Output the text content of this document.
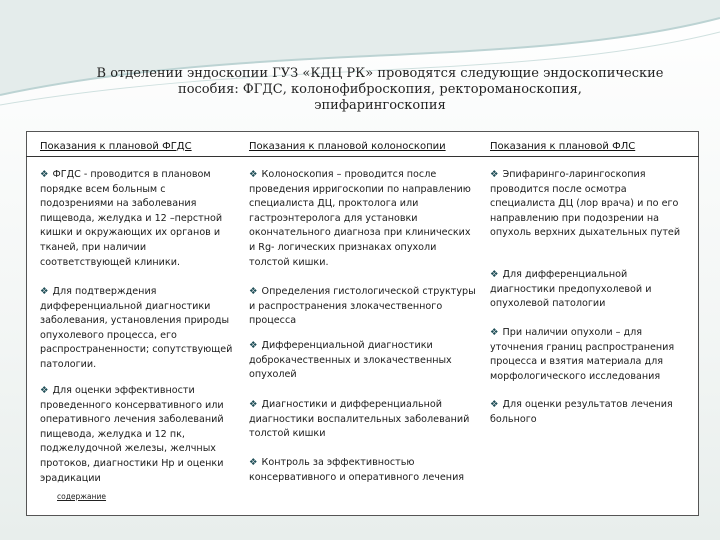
В отделении эндоскопии ГУЗ «КДЦ РК» проводятся следующие эндоскопические
пособия: ФГДС, колонофиброскопия, ректороманоскопия,
эпифарингоскопия
Показания к плановой ФГДС	Показания к плановой колоноскопии	Показания к плановой ФЛС
❖ ФГДС - проводится в плановом порядке всем больным с подозрениями на заболевания пищевода, желудка и 12 –перстной кишки и окружающих их органов и тканей, при наличии соответствующей клиники.
❖ Для подтверждения дифференциальной диагностики заболевания, установления природы опухолевого процесса, его распространенности; сопутствующей патологии.
❖ Для оценки эффективности проведенного консервативного или оперативного лечения заболеваний пищевода, желудка и 12 пк, поджелудочной железы, желчных протоков, диагностики Нр и оценки эрадикации
❖ Колоноскопия – проводится после проведения ирригоскопии по направлению специалиста ДЦ, проктолога или гастроэнтеролога для установки окончательного диагноза при клинических и Rg- логических признаках опухоли толстой кишки.
❖ Определения гистологической структуры и распространения злокачественного процесса
❖ Дифференциальной диагностики доброкачественных и злокачественных опухолей
❖ Диагностики и дифференциальной диагностики воспалительных заболеваний толстой кишки
❖ Контроль за эффективностью консервативного и оперативного лечения
❖ Эпифаринго-ларингоскопия проводится после осмотра специалиста ДЦ (лор врача) и по его направлению при подозрении на опухоль верхних дыхательных путей
❖ Для дифференциальной диагностики предопухолевой и опухолевой патологии
❖ При наличии опухоли – для уточнения границ распространения процесса и взятия материала для морфологического исследования
❖ Для оценки результатов лечения больного
содержание
